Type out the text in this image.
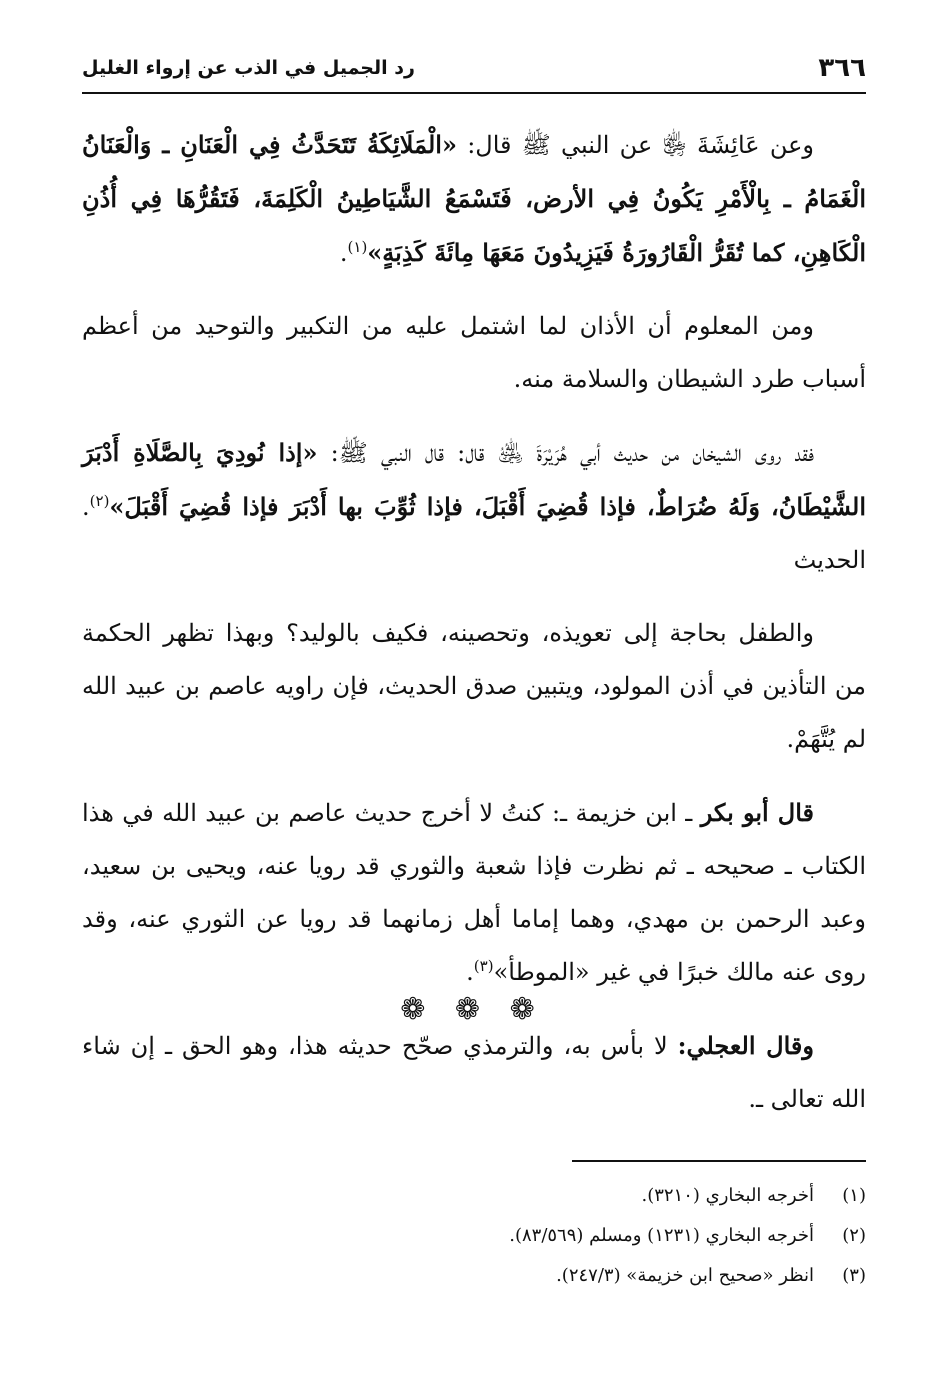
٣٦٦
رد الجميل في الذب عن إرواء الغليل

وعن عَائِشَةَ ﵂ عن النبي ﷺ قال: «الْمَلَائِكَةُ تَتَحَدَّثُ فِي الْعَنَانِ ـ وَالْعَنَانُ الْغَمَامُ ـ بِالْأَمْرِ يَكُونُ فِي الأرض، فَتَسْمَعُ الشَّيَاطِينُ الْكَلِمَةَ، فَتَقُرُّهَا فِي أُذُنِ الْكَاهِنِ، كما تُقَرُّ الْقَارُورَةُ فَيَزِيدُونَ مَعَهَا مِائَةَ كَذِبَةٍ»$^{(١)}$.

ومن المعلوم أن الأذان لما اشتمل عليه من التكبير والتوحيد من أعظم أسباب طرد الشيطان والسلامة منه.

فقد روى الشيخان من حديث أبي هُرَيْرَةَ ﵁ قال: قال النبي ﷺ: «إذا نُودِيَ بِالصَّلَاةِ أَدْبَرَ الشَّيْطَانُ، وَلَهُ ضُرَاطٌ، فإذا قُضِيَ أَقْبَلَ، فإذا ثُوِّبَ بها أَدْبَرَ فإذا قُضِيَ أَقْبَلَ»$^{(٢)}$. الحديث

والطفل بحاجة إلى تعويذه، وتحصينه، فكيف بالوليد؟ وبهذا تظهر الحكمة من التأذين في أذن المولود، ويتبين صدق الحديث، فإن راويه عاصم بن عبيد الله لم يُتَّهَمْ.

قال أبو بكر ـ ابن خزيمة ـ: كنتُ لا أخرج حديث عاصم بن عبيد الله في هذا الكتاب ـ صحيحه ـ ثم نظرت فإذا شعبة والثوري قد رويا عنه، ويحيى بن سعيد، وعبد الرحمن بن مهدي، وهما إماما أهل زمانهما قد رويا عن الثوري عنه، وقد روى عنه مالك خبرًا في غير «الموطأ»$^{(٣)}$.

وقال العجلي: لا بأس به، والترمذي صحّح حديثه هذا، وهو الحق ـ إن شاء الله تعالى ـ.

❁ ❁ ❁
(١)
أخرجه البخاري (٣٢١٠).
(٢)
أخرجه البخاري (١٢٣١) ومسلم (٨٣/٥٦٩).
(٣)
انظر «صحيح ابن خزيمة» (٢٤٧/٣).
